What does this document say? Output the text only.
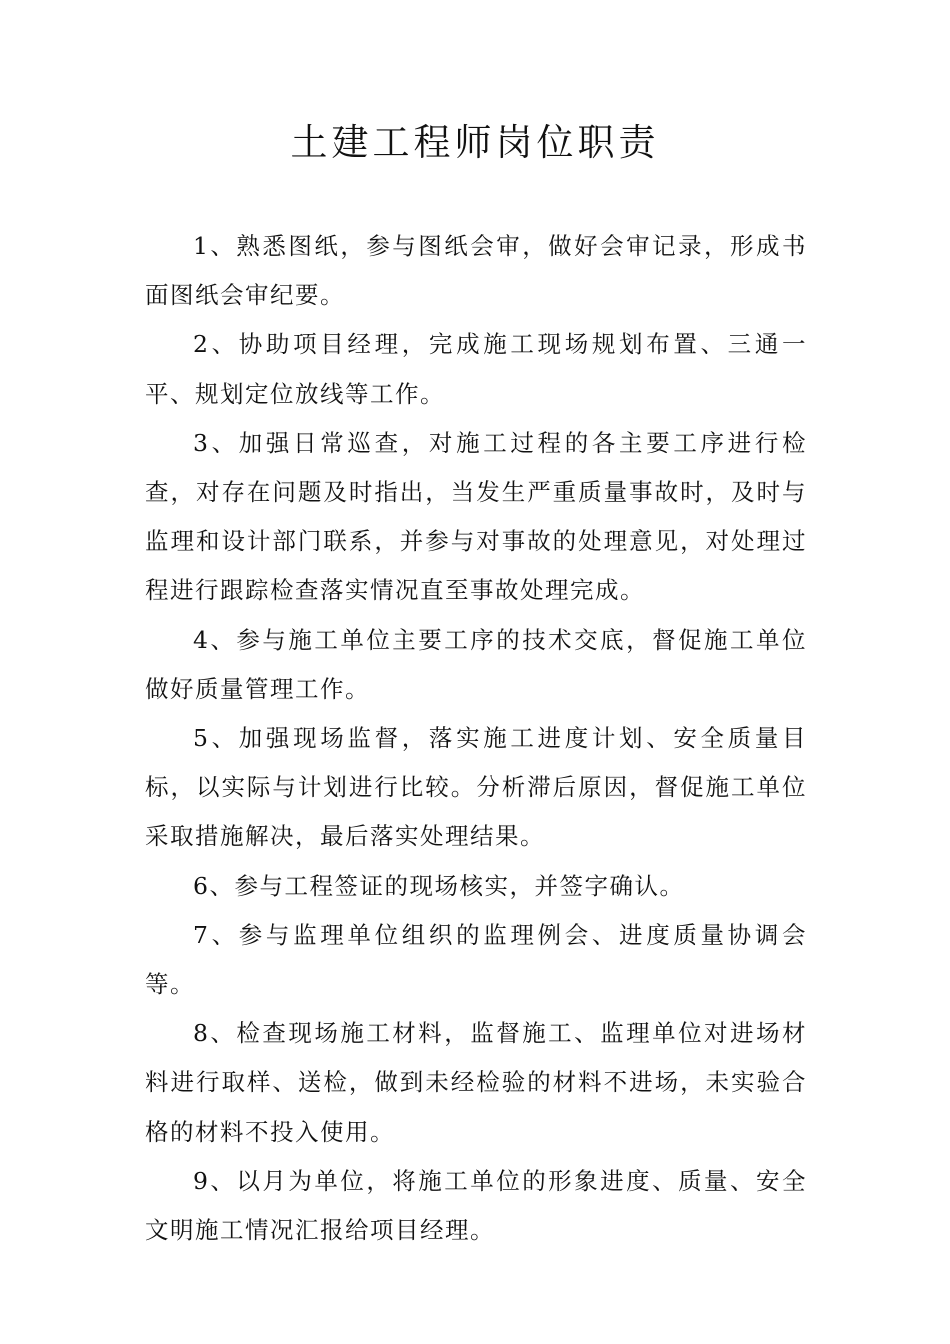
土建工程师岗位职责

1、熟悉图纸，参与图纸会审，做好会审记录，形成书面图纸会审纪要。

2、协助项目经理，完成施工现场规划布置、三通一平、规划定位放线等工作。

3、加强日常巡查，对施工过程的各主要工序进行检查，对存在问题及时指出，当发生严重质量事故时，及时与监理和设计部门联系，并参与对事故的处理意见，对处理过程进行跟踪检查落实情况直至事故处理完成。

4、参与施工单位主要工序的技术交底，督促施工单位做好质量管理工作。

5、加强现场监督，落实施工进度计划、安全质量目标，以实际与计划进行比较。分析滞后原因，督促施工单位采取措施解决，最后落实处理结果。

6、参与工程签证的现场核实，并签字确认。

7、参与监理单位组织的监理例会、进度质量协调会等。

8、检查现场施工材料，监督施工、监理单位对进场材料进行取样、送检，做到未经检验的材料不进场，未实验合格的材料不投入使用。

9、以月为单位，将施工单位的形象进度、质量、安全文明施工情况汇报给项目经理。
